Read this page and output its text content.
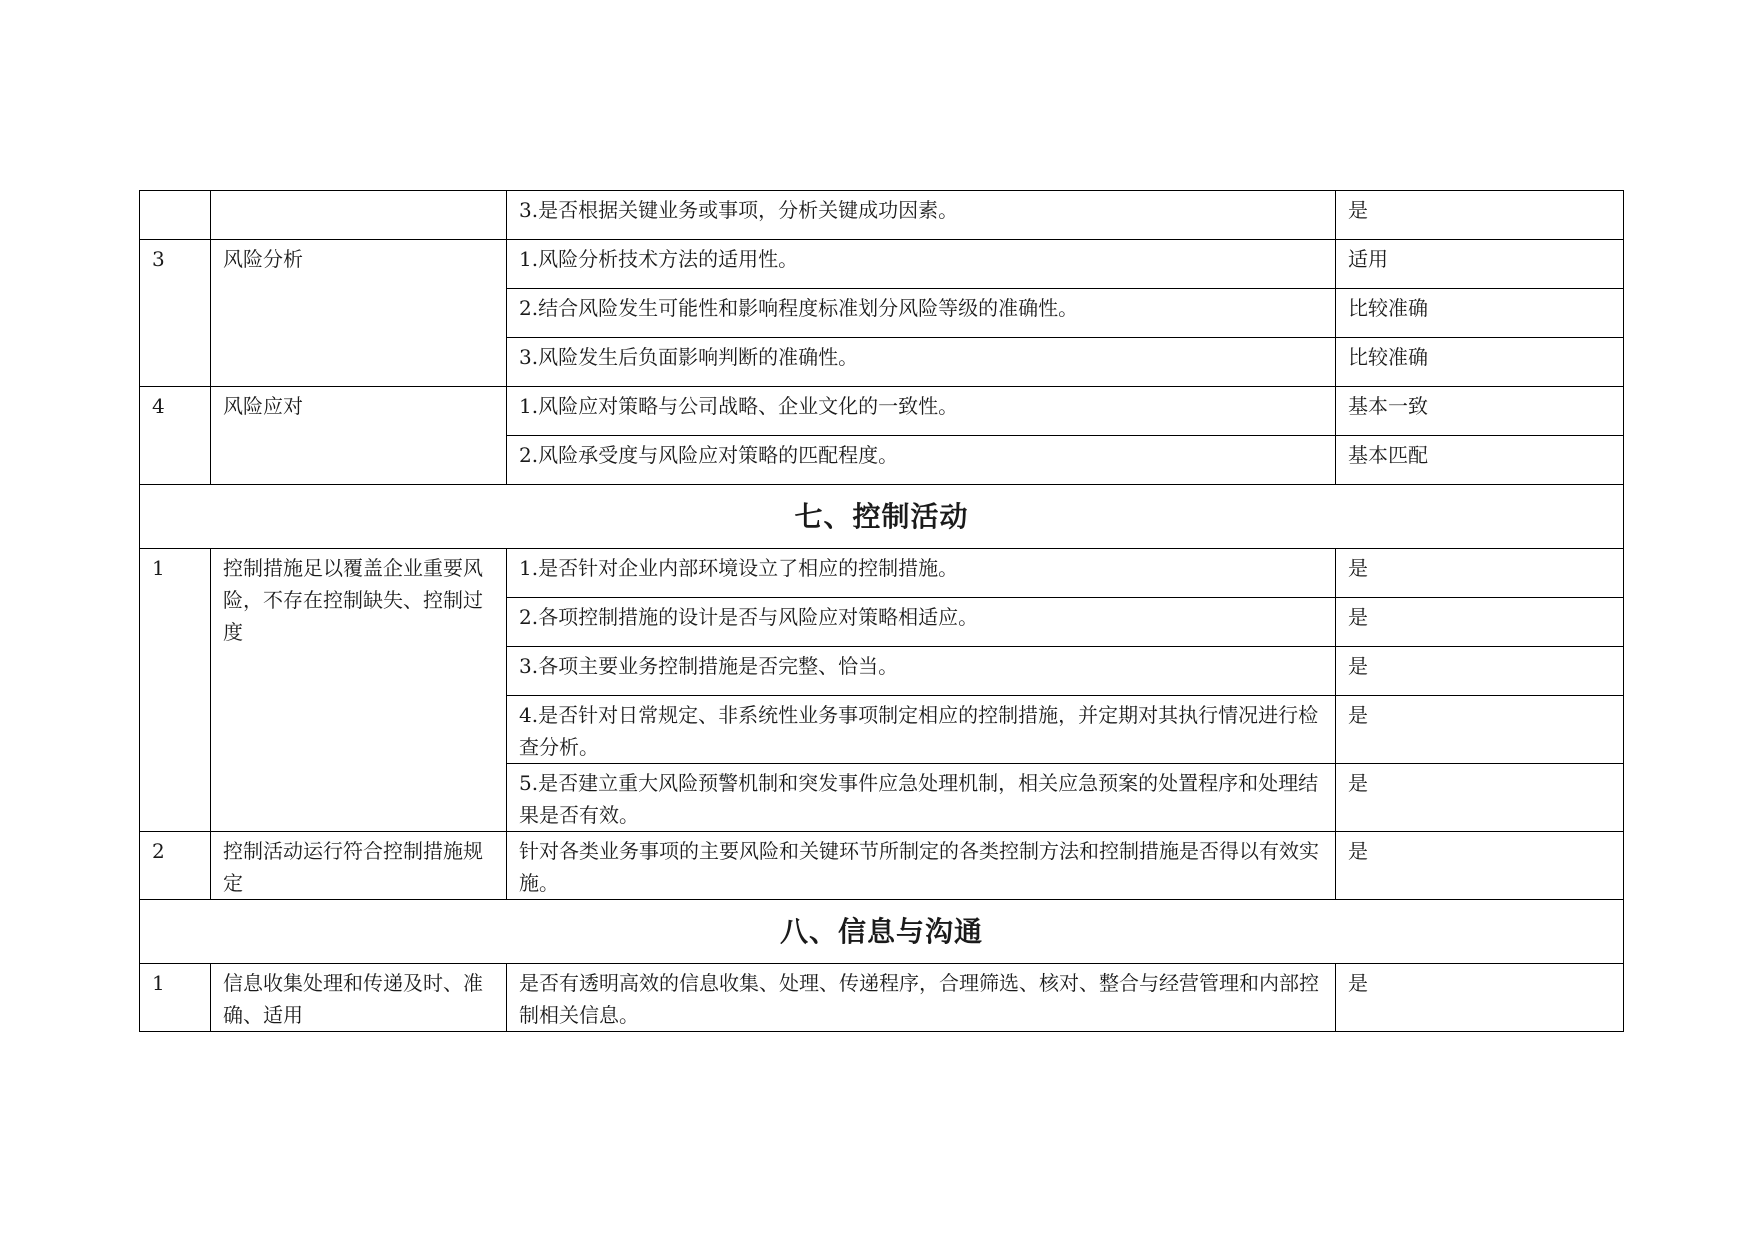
		3.是否根据关键业务或事项，分析关键成功因素。	是
3	风险分析	1.风险分析技术方法的适用性。	适用
		2.结合风险发生可能性和影响程度标准划分风险等级的准确性。	比较准确
		3.风险发生后负面影响判断的准确性。	比较准确
4	风险应对	1.风险应对策略与公司战略、企业文化的一致性。	基本一致
		2.风险承受度与风险应对策略的匹配程度。	基本匹配
七、控制活动			
1	控制措施足以覆盖企业重要风险，不存在控制缺失、控制过度	1.是否针对企业内部环境设立了相应的控制措施。	是
		2.各项控制措施的设计是否与风险应对策略相适应。	是
		3.各项主要业务控制措施是否完整、恰当。	是
		4.是否针对日常规定、非系统性业务事项制定相应的控制措施，并定期对其执行情况进行检查分析。	是
		5.是否建立重大风险预警机制和突发事件应急处理机制，相关应急预案的处置程序和处理结果是否有效。	是
2	控制活动运行符合控制措施规定	针对各类业务事项的主要风险和关键环节所制定的各类控制方法和控制措施是否得以有效实施。	是
八、信息与沟通			
1	信息收集处理和传递及时、准确、适用	是否有透明高效的信息收集、处理、传递程序，合理筛选、核对、整合与经营管理和内部控制相关信息。	是
